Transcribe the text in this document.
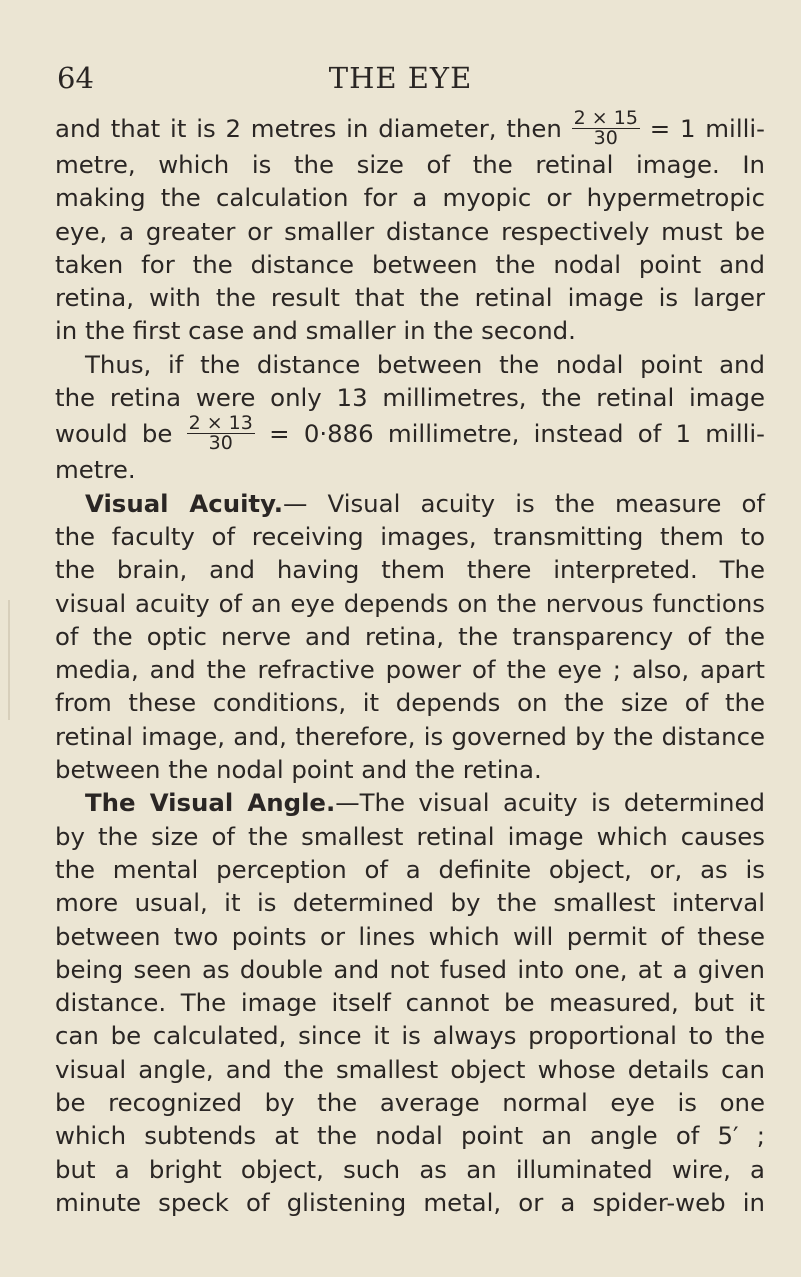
64	THE EYE
and that it is 2 metres in diameter, then $\frac{2 \times 15}{30} = 1$ milli-
metre, which is the size of the retinal image. In
making the calculation for a myopic or hypermetropic
eye, a greater or smaller distance respectively must be
taken for the distance between the nodal point and
retina, with the result that the retinal image is larger
in the first case and smaller in the second.
Thus, if the distance between the nodal point and
the retina were only 13 millimetres, the retinal image
would be $\frac{2 \times 13}{30} = 0\cdot 886$ millimetre, instead of 1 milli-
metre.
Visual Acuity.— Visual acuity is the measure of
the faculty of receiving images, transmitting them to
the brain, and having them there interpreted. The
visual acuity of an eye depends on the nervous functions
of the optic nerve and retina, the transparency of the
media, and the refractive power of the eye ; also, apart
from these conditions, it depends on the size of the
retinal image, and, therefore, is governed by the distance
between the nodal point and the retina.
The Visual Angle.—The visual acuity is determined
by the size of the smallest retinal image which causes
the mental perception of a definite object, or, as is
more usual, it is determined by the smallest interval
between two points or lines which will permit of these
being seen as double and not fused into one, at a given
distance. The image itself cannot be measured, but it
can be calculated, since it is always proportional to the
visual angle, and the smallest object whose details can
be recognized by the average normal eye is one
which subtends at the nodal point an angle of 5′ ;
but a bright object, such as an illuminated wire, a
minute speck of glistening metal, or a spider-web in
